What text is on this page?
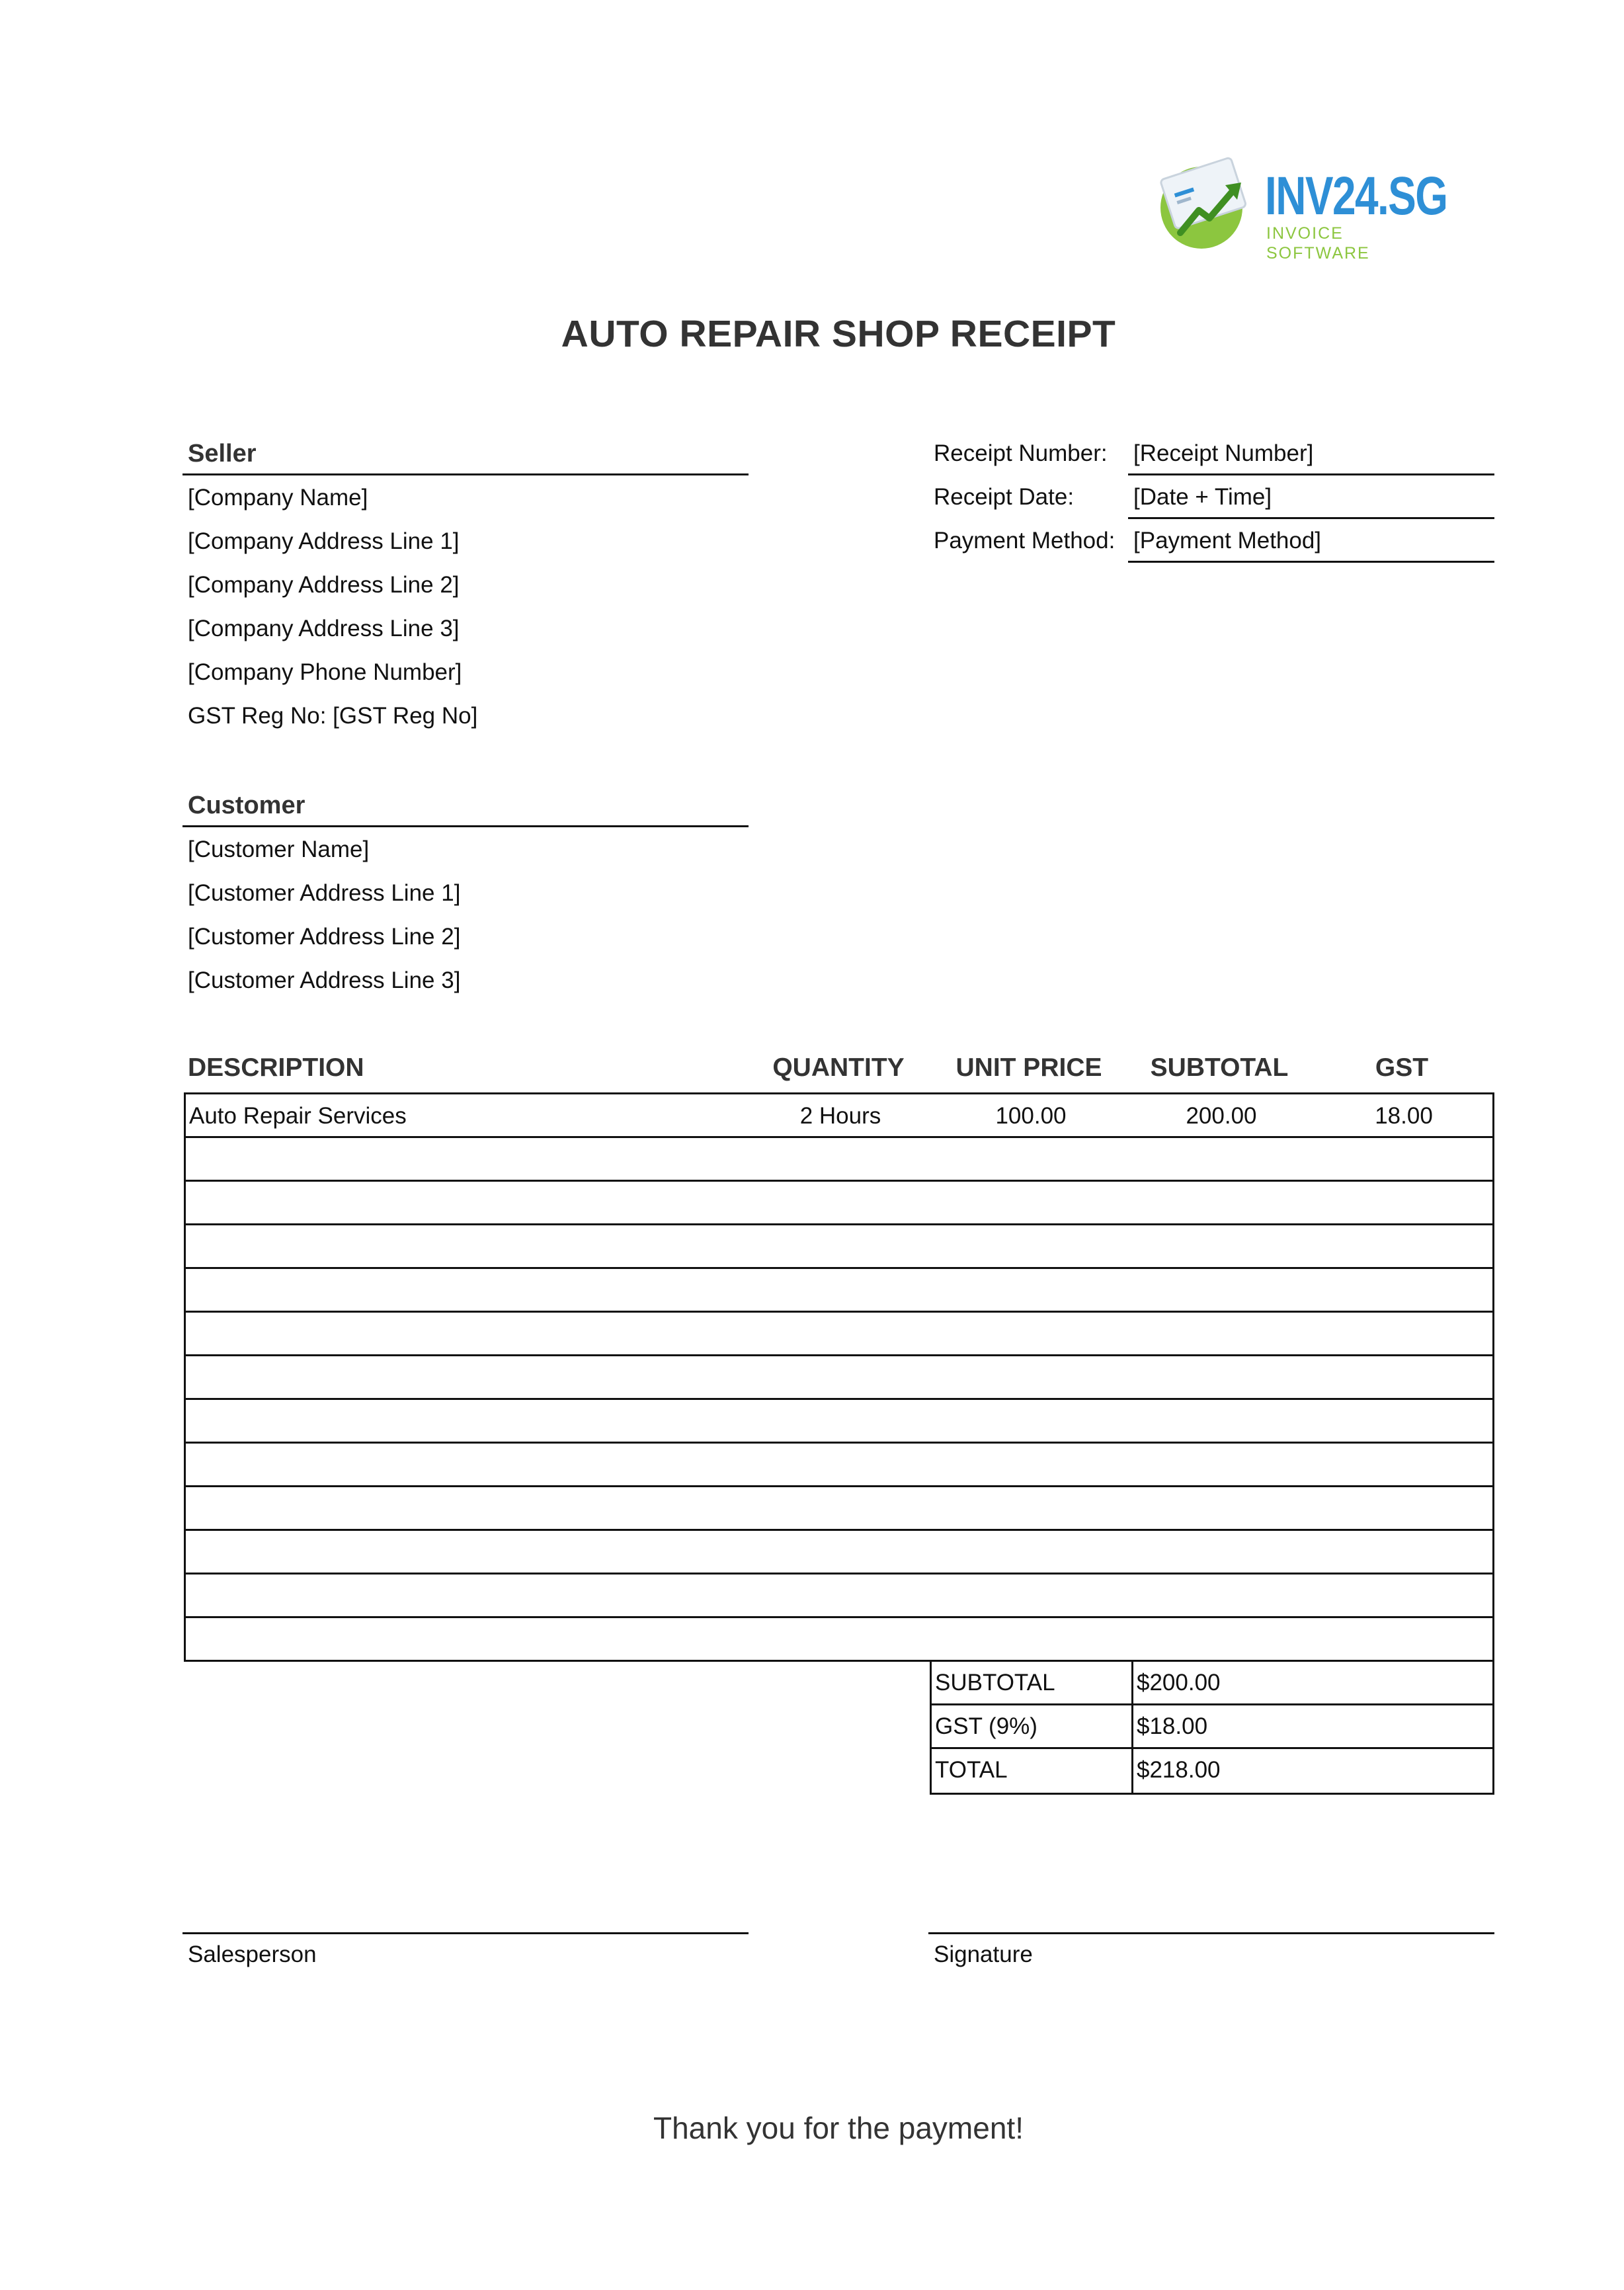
INV24.SG
INVOICE SOFTWARE
AUTO REPAIR SHOP RECEIPT
Seller
[Company Name]
[Company Address Line 1]
[Company Address Line 2]
[Company Address Line 3]
[Company Phone Number]
GST Reg No: [GST Reg No]
Receipt Number: [Receipt Number]
Receipt Date:	[Date + Time]
Payment Method: [Payment Method]
Customer
[Customer Name]
[Customer Address Line 1]
[Customer Address Line 2]
[Customer Address Line 3]
DESCRIPTION	QUANTITY	UNIT PRICE	SUBTOTAL	GST
Auto Repair Services	2 Hours	100.00	200.00	18.00
SUBTOTAL	$200.00
GST (9%)	$18.00
TOTAL	$218.00
Salesperson	Signature
Thank you for the payment!
